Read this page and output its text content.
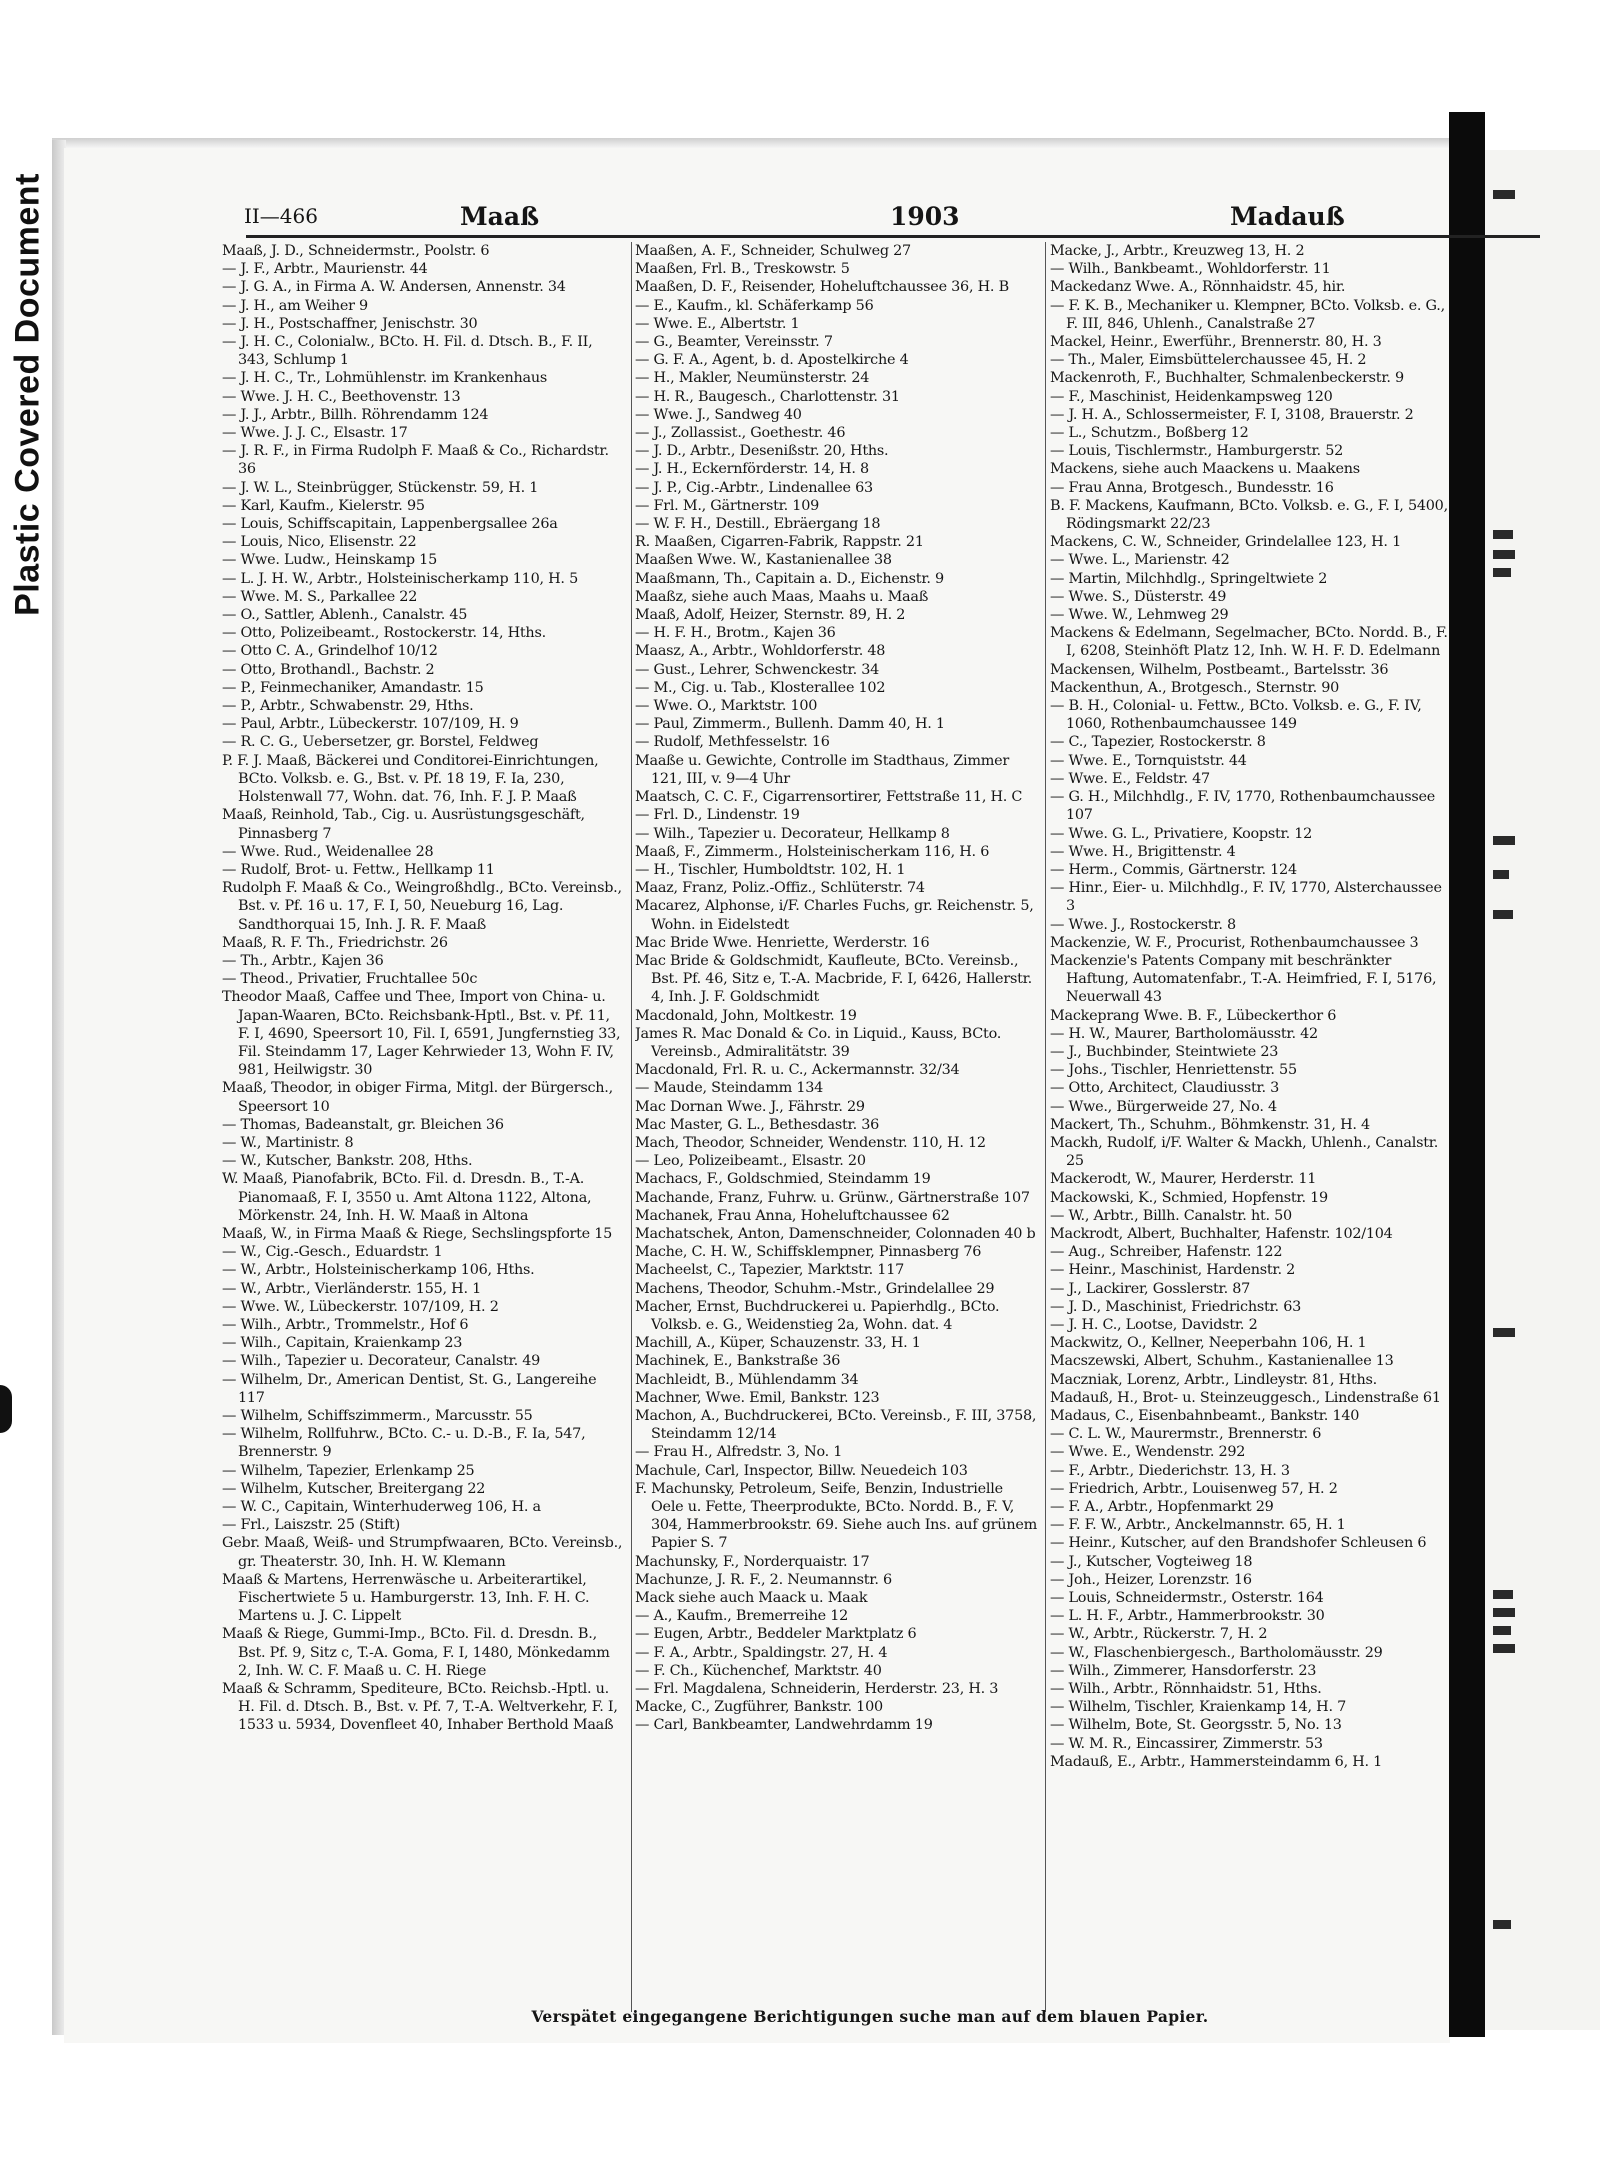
Plastic Covered Document	II—466	Maaß	1903	Madauß
Maaß, J. D., Schneidermstr., Poolstr. 6
— J. F., Arbtr., Maurienstr. 44
— J. G. A., in Firma A. W. Andersen, Annenstr. 34
— J. H., am Weiher 9
— J. H., Postschaffner, Jenischstr. 30
— J. H. C., Colonialw., BCto. H. Fil. d. Dtsch. B., F. II, 343, Schlump 1
— J. H. C., Tr., Lohmühlenstr. im Krankenhaus
— Wwe. J. H. C., Beethovenstr. 13
— J. J., Arbtr., Billh. Röhrendamm 124
— Wwe. J. J. C., Elsastr. 17
— J. R. F., in Firma Rudolph F. Maaß & Co., Richardstr. 36
— J. W. L., Steinbrügger, Stückenstr. 59, H. 1
— Karl, Kaufm., Kielerstr. 95
— Louis, Schiffscapitain, Lappenbergsallee 26a
— Louis, Nico, Elisenstr. 22
— Wwe. Ludw., Heinskamp 15
— L. J. H. W., Arbtr., Holsteinischerkamp 110, H. 5
— Wwe. M. S., Parkallee 22
— O., Sattler, Ablenh., Canalstr. 45
— Otto, Polizeibeamt., Rostockerstr. 14, Hths.
— Otto C. A., Grindelhof 10/12
— Otto, Brothandl., Bachstr. 2
— P., Feinmechaniker, Amandastr. 15
— P., Arbtr., Schwabenstr. 29, Hths.
— Paul, Arbtr., Lübeckerstr. 107/109, H. 9
— R. C. G., Uebersetzer, gr. Borstel, Feldweg
P. F. J. Maaß, Bäckerei und Conditorei-Einrichtungen, BCto. Volksb. e. G., Bst. v. Pf. 18 19, F. Ia, 230, Holstenwall 77, Wohn. dat. 76, Inh. F. J. P. Maaß
Maaß, Reinhold, Tab., Cig. u. Ausrüstungsgeschäft, Pinnasberg 7
— Wwe. Rud., Weidenallee 28
— Rudolf, Brot- u. Fettw., Hellkamp 11
Rudolph F. Maaß & Co., Weingroßhdlg., BCto. Vereinsb., Bst. v. Pf. 16 u. 17, F. I, 50, Neueburg 16, Lag. Sandthorquai 15, Inh. J. R. F. Maaß
Maaß, R. F. Th., Friedrichstr. 26
— Th., Arbtr., Kajen 36
— Theod., Privatier, Fruchtallee 50c
Theodor Maaß, Caffee und Thee, Import von China- u. Japan-Waaren, BCto. Reichsbank-Hptl., Bst. v. Pf. 11, F. I, 4690, Speersort 10, Fil. I, 6591, Jungfernstieg 33, Fil. Steindamm 17, Lager Kehrwieder 13, Wohn F. IV, 981, Heilwigstr. 30
Maaß, Theodor, in obiger Firma, Mitgl. der Bürgersch., Speersort 10
— Thomas, Badeanstalt, gr. Bleichen 36
— W., Martinistr. 8
— W., Kutscher, Bankstr. 208, Hths.
W. Maaß, Pianofabrik, BCto. Fil. d. Dresdn. B., T.-A. Pianomaaß, F. I, 3550 u. Amt Altona 1122, Altona, Mörkenstr. 24, Inh. H. W. Maaß in Altona
Maaß, W., in Firma Maaß & Riege, Sechslingspforte 15
— W., Cig.-Gesch., Eduardstr. 1
— W., Arbtr., Holsteinischerkamp 106, Hths.
— W., Arbtr., Vierländerstr. 155, H. 1
— Wwe. W., Lübeckerstr. 107/109, H. 2
— Wilh., Arbtr., Trommelstr., Hof 6
— Wilh., Capitain, Kraienkamp 23
— Wilh., Tapezier u. Decorateur, Canalstr. 49
— Wilhelm, Dr., American Dentist, St. G., Langereihe 117
— Wilhelm, Schiffszimmerm., Marcusstr. 55
— Wilhelm, Rollfuhrw., BCto. C.- u. D.-B., F. Ia, 547, Brennerstr. 9
— Wilhelm, Tapezier, Erlenkamp 25
— Wilhelm, Kutscher, Breitergang 22
— W. C., Capitain, Winterhuderweg 106, H. a
— Frl., Laiszstr. 25 (Stift)
Gebr. Maaß, Weiß- und Strumpfwaaren, BCto. Vereinsb., gr. Theaterstr. 30, Inh. H. W. Klemann
Maaß & Martens, Herrenwäsche u. Arbeiterartikel, Fischertwiete 5 u. Hamburgerstr. 13, Inh. F. H. C. Martens u. J. C. Lippelt
Maaß & Riege, Gummi-Imp., BCto. Fil. d. Dresdn. B., Bst. Pf. 9, Sitz c, T.-A. Goma, F. I, 1480, Mönkedamm 2, Inh. W. C. F. Maaß u. C. H. Riege
Maaß & Schramm, Spediteure, BCto. Reichsb.-Hptl. u. H. Fil. d. Dtsch. B., Bst. v. Pf. 7, T.-A. Weltverkehr, F. I, 1533 u. 5934, Dovenfleet 40, Inhaber Berthold Maaß
Maaßen, A. F., Schneider, Schulweg 27
Maaßen, Frl. B., Treskowstr. 5
Maaßen, D. F., Reisender, Hoheluftchaussee 36, H. B
— E., Kaufm., kl. Schäferkamp 56
— Wwe. E., Albertstr. 1
— G., Beamter, Vereinsstr. 7
— G. F. A., Agent, b. d. Apostelkirche 4
— H., Makler, Neumünsterstr. 24
— H. R., Baugesch., Charlottenstr. 31
— Wwe. J., Sandweg 40
— J., Zollassist., Goethestr. 46
— J. D., Arbtr., Desenißstr. 20, Hths.
— J. H., Eckernförderstr. 14, H. 8
— J. P., Cig.-Arbtr., Lindenallee 63
— Frl. M., Gärtnerstr. 109
— W. F. H., Destill., Ebräergang 18
R. Maaßen, Cigarren-Fabrik, Rappstr. 21
Maaßen Wwe. W., Kastanienallee 38
Maaßmann, Th., Capitain a. D., Eichenstr. 9
Maaßz, siehe auch Maas, Maahs u. Maaß
Maaß, Adolf, Heizer, Sternstr. 89, H. 2
— H. F. H., Brotm., Kajen 36
Maasz, A., Arbtr., Wohldorferstr. 48
— Gust., Lehrer, Schwenckestr. 34
— M., Cig. u. Tab., Klosterallee 102
— Wwe. O., Marktstr. 100
— Paul, Zimmerm., Bullenh. Damm 40, H. 1
— Rudolf, Methfesselstr. 16
Maaße u. Gewichte, Controlle im Stadthaus, Zimmer 121, III, v. 9—4 Uhr
Maatsch, C. C. F., Cigarrensortirer, Fettstraße 11, H. C
— Frl. D., Lindenstr. 19
— Wilh., Tapezier u. Decorateur, Hellkamp 8
Maaß, F., Zimmerm., Holsteinischerkam 116, H. 6
— H., Tischler, Humboldtstr. 102, H. 1
Maaz, Franz, Poliz.-Offiz., Schlüterstr. 74
Macarez, Alphonse, i/F. Charles Fuchs, gr. Reichenstr. 5, Wohn. in Eidelstedt
Mac Bride Wwe. Henriette, Werderstr. 16
Mac Bride & Goldschmidt, Kaufleute, BCto. Vereinsb., Bst. Pf. 46, Sitz e, T.-A. Macbride, F. I, 6426, Hallerstr. 4, Inh. J. F. Goldschmidt
Macdonald, John, Moltkestr. 19
James R. Mac Donald & Co. in Liquid., Kauss, BCto. Vereinsb., Admiralitätstr. 39
Macdonald, Frl. R. u. C., Ackermannstr. 32/34
— Maude, Steindamm 134
Mac Dornan Wwe. J., Fährstr. 29
Mac Master, G. L., Bethesdastr. 36
Mach, Theodor, Schneider, Wendenstr. 110, H. 12
— Leo, Polizeibeamt., Elsastr. 20
Machacs, F., Goldschmied, Steindamm 19
Machande, Franz, Fuhrw. u. Grünw., Gärtnerstraße 107
Machanek, Frau Anna, Hoheluftchaussee 62
Machatschek, Anton, Damenschneider, Colonnaden 40 b
Mache, C. H. W., Schiffsklempner, Pinnasberg 76
Macheelst, C., Tapezier, Marktstr. 117
Machens, Theodor, Schuhm.-Mstr., Grindelallee 29
Macher, Ernst, Buchdruckerei u. Papierhdlg., BCto. Volksb. e. G., Weidenstieg 2a, Wohn. dat. 4
Machill, A., Küper, Schauzenstr. 33, H. 1
Machinek, E., Bankstraße 36
Machleidt, B., Mühlendamm 34
Machner, Wwe. Emil, Bankstr. 123
Machon, A., Buchdruckerei, BCto. Vereinsb., F. III, 3758, Steindamm 12/14
— Frau H., Alfredstr. 3, No. 1
Machule, Carl, Inspector, Billw. Neuedeich 103
F. Machunsky, Petroleum, Seife, Benzin, Industrielle Oele u. Fette, Theerprodukte, BCto. Nordd. B., F. V, 304, Hammerbrookstr. 69. Siehe auch Ins. auf grünem Papier S. 7
Machunsky, F., Norderquaistr. 17
Machunze, J. R. F., 2. Neumannstr. 6
Mack siehe auch Maack u. Maak
— A., Kaufm., Bremerreihe 12
— Eugen, Arbtr., Beddeler Marktplatz 6
— F. A., Arbtr., Spaldingstr. 27, H. 4
— F. Ch., Küchenchef, Marktstr. 40
— Frl. Magdalena, Schneiderin, Herderstr. 23, H. 3
Macke, C., Zugführer, Bankstr. 100
— Carl, Bankbeamter, Landwehrdamm 19
Macke, J., Arbtr., Kreuzweg 13, H. 2
— Wilh., Bankbeamt., Wohldorferstr. 11
Mackedanz Wwe. A., Rönnhaidstr. 45, hir.
— F. K. B., Mechaniker u. Klempner, BCto. Volksb. e. G., F. III, 846, Uhlenh., Canalstraße 27
Mackel, Heinr., Ewerführ., Brennerstr. 80, H. 3
— Th., Maler, Eimsbüttelerchaussee 45, H. 2
Mackenroth, F., Buchhalter, Schmalenbeckerstr. 9
— F., Maschinist, Heidenkampsweg 120
— J. H. A., Schlossermeister, F. I, 3108, Brauerstr. 2
— L., Schutzm., Boßberg 12
— Louis, Tischlermstr., Hamburgerstr. 52
Mackens, siehe auch Maackens u. Maakens
— Frau Anna, Brotgesch., Bundesstr. 16
B. F. Mackens, Kaufmann, BCto. Volksb. e. G., F. I, 5400, Rödingsmarkt 22/23
Mackens, C. W., Schneider, Grindelallee 123, H. 1
— Wwe. L., Marienstr. 42
— Martin, Milchhdlg., Springeltwiete 2
— Wwe. S., Düsterstr. 49
— Wwe. W., Lehmweg 29
Mackens & Edelmann, Segelmacher, BCto. Nordd. B., F. I, 6208, Steinhöft Platz 12, Inh. W. H. F. D. Edelmann
Mackensen, Wilhelm, Postbeamt., Bartelsstr. 36
Mackenthun, A., Brotgesch., Sternstr. 90
— B. H., Colonial- u. Fettw., BCto. Volksb. e. G., F. IV, 1060, Rothenbaumchaussee 149
— C., Tapezier, Rostockerstr. 8
— Wwe. E., Tornquiststr. 44
— Wwe. E., Feldstr. 47
— G. H., Milchhdlg., F. IV, 1770, Rothenbaumchaussee 107
— Wwe. G. L., Privatiere, Koopstr. 12
— Wwe. H., Brigittenstr. 4
— Herm., Commis, Gärtnerstr. 124
— Hinr., Eier- u. Milchhdlg., F. IV, 1770, Alsterchaussee 3
— Wwe. J., Rostockerstr. 8
Mackenzie, W. F., Procurist, Rothenbaumchaussee 3
Mackenzie's Patents Company mit beschränkter Haftung, Automatenfabr., T.-A. Heimfried, F. I, 5176, Neuerwall 43
Mackeprang Wwe. B. F., Lübeckerthor 6
— H. W., Maurer, Bartholomäusstr. 42
— J., Buchbinder, Steintwiete 23
— Johs., Tischler, Henriettenstr. 55
— Otto, Architect, Claudiusstr. 3
— Wwe., Bürgerweide 27, No. 4
Mackert, Th., Schuhm., Böhmkenstr. 31, H. 4
Mackh, Rudolf, i/F. Walter & Mackh, Uhlenh., Canalstr. 25
Mackerodt, W., Maurer, Herderstr. 11
Mackowski, K., Schmied, Hopfenstr. 19
— W., Arbtr., Billh. Canalstr. ht. 50
Mackrodt, Albert, Buchhalter, Hafenstr. 102/104
— Aug., Schreiber, Hafenstr. 122
— Heinr., Maschinist, Hardenstr. 2
— J., Lackirer, Gosslerstr. 87
— J. D., Maschinist, Friedrichstr. 63
— J. H. C., Lootse, Davidstr. 2
Mackwitz, O., Kellner, Neeperbahn 106, H. 1
Macszewski, Albert, Schuhm., Kastanienallee 13
Maczniak, Lorenz, Arbtr., Lindleystr. 81, Hths.
Madauß, H., Brot- u. Steinzeuggesch., Lindenstraße 61
Madaus, C., Eisenbahnbeamt., Bankstr. 140
— C. L. W., Maurermstr., Brennerstr. 6
— Wwe. E., Wendenstr. 292
— F., Arbtr., Diederichstr. 13, H. 3
— Friedrich, Arbtr., Louisenweg 57, H. 2
— F. A., Arbtr., Hopfenmarkt 29
— F. F. W., Arbtr., Anckelmannstr. 65, H. 1
— Heinr., Kutscher, auf den Brandshofer Schleusen 6
— J., Kutscher, Vogteiweg 18
— Joh., Heizer, Lorenzstr. 16
— Louis, Schneidermstr., Osterstr. 164
— L. H. F., Arbtr., Hammerbrookstr. 30
— W., Arbtr., Rückerstr. 7, H. 2
— W., Flaschenbiergesch., Bartholomäusstr. 29
— Wilh., Zimmerer, Hansdorferstr. 23
— Wilh., Arbtr., Rönnhaidstr. 51, Hths.
— Wilhelm, Tischler, Kraienkamp 14, H. 7
— Wilhelm, Bote, St. Georgsstr. 5, No. 13
— W. M. R., Eincassirer, Zimmerstr. 53
Madauß, E., Arbtr., Hammersteindamm 6, H. 1
Verspätet eingegangene Berichtigungen suche man auf dem blauen Papier.
